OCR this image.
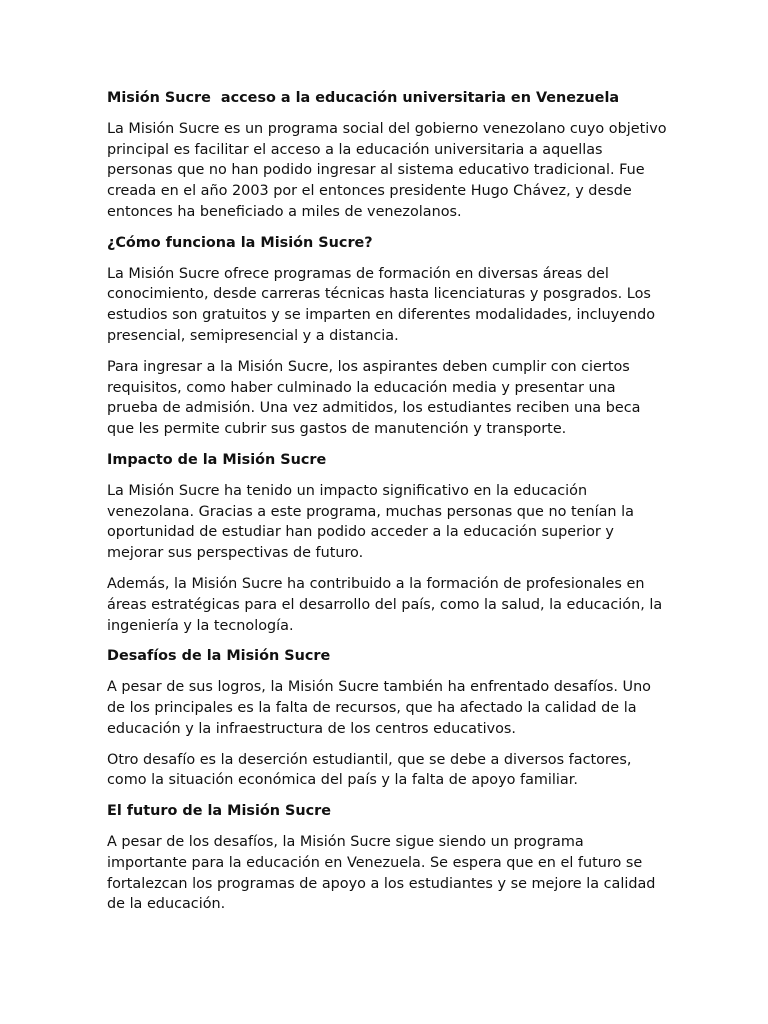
Misión Sucre  acceso a la educación universitaria en Venezuela

La Misión Sucre es un programa social del gobierno venezolano cuyo objetivo principal es facilitar el acceso a la educación universitaria a aquellas personas que no han podido ingresar al sistema educativo tradicional. Fue creada en el año 2003 por el entonces presidente Hugo Chávez, y desde entonces ha beneficiado a miles de venezolanos.

¿Cómo funciona la Misión Sucre?

La Misión Sucre ofrece programas de formación en diversas áreas del conocimiento, desde carreras técnicas hasta licenciaturas y posgrados. Los estudios son gratuitos y se imparten en diferentes modalidades, incluyendo presencial, semipresencial y a distancia.

Para ingresar a la Misión Sucre, los aspirantes deben cumplir con ciertos requisitos, como haber culminado la educación media y presentar una prueba de admisión. Una vez admitidos, los estudiantes reciben una beca que les permite cubrir sus gastos de manutención y transporte.

Impacto de la Misión Sucre

La Misión Sucre ha tenido un impacto significativo en la educación venezolana. Gracias a este programa, muchas personas que no tenían la oportunidad de estudiar han podido acceder a la educación superior y mejorar sus perspectivas de futuro.

Además, la Misión Sucre ha contribuido a la formación de profesionales en áreas estratégicas para el desarrollo del país, como la salud, la educación, la ingeniería y la tecnología.

Desafíos de la Misión Sucre

A pesar de sus logros, la Misión Sucre también ha enfrentado desafíos. Uno de los principales es la falta de recursos, que ha afectado la calidad de la educación y la infraestructura de los centros educativos.

Otro desafío es la deserción estudiantil, que se debe a diversos factores, como la situación económica del país y la falta de apoyo familiar.

El futuro de la Misión Sucre

A pesar de los desafíos, la Misión Sucre sigue siendo un programa importante para la educación en Venezuela. Se espera que en el futuro se fortalezcan los programas de apoyo a los estudiantes y se mejore la calidad de la educación.
